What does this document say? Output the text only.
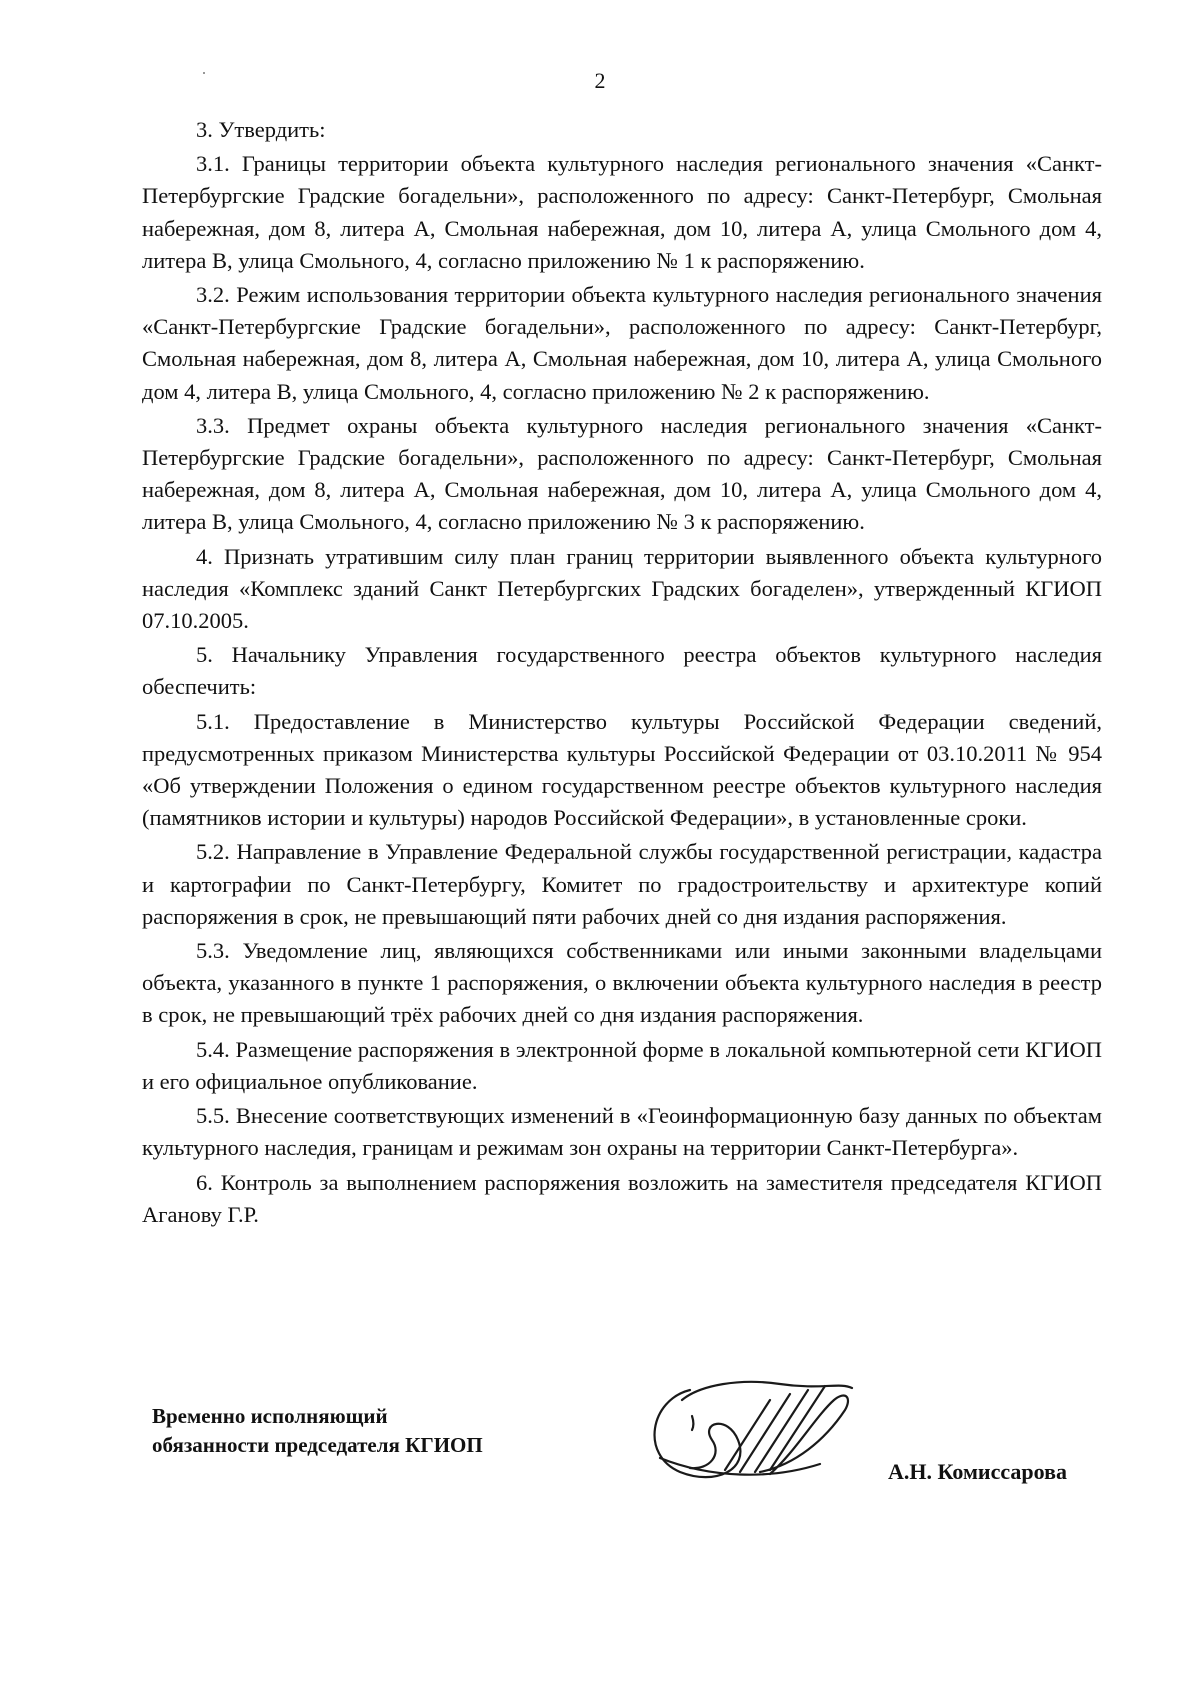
2

3. Утвердить:

3.1. Границы территории объекта культурного наследия регионального значения «Санкт-Петербургские Градские богадельни», расположенного по адресу: Санкт-Петербург, Смольная набережная, дом 8, литера А, Смольная набережная, дом 10, литера А, улица Смольного дом 4, литера В, улица Смольного, 4, согласно приложению № 1 к распоряжению.

3.2. Режим использования территории объекта культурного наследия регионального значения «Санкт-Петербургские Градские богадельни», расположенного по адресу: Санкт-Петербург, Смольная набережная, дом 8, литера А, Смольная набережная, дом 10, литера А, улица Смольного дом 4, литера В, улица Смольного, 4, согласно приложению № 2 к распоряжению.

3.3. Предмет охраны объекта культурного наследия регионального значения «Санкт-Петербургские Градские богадельни», расположенного по адресу: Санкт-Петербург, Смольная набережная, дом 8, литера А, Смольная набережная, дом 10, литера А, улица Смольного дом 4, литера В, улица Смольного, 4, согласно приложению № 3 к распоряжению.

4. Признать утратившим силу план границ территории выявленного объекта культурного наследия «Комплекс зданий Санкт Петербургских Градских богаделен», утвержденный КГИОП 07.10.2005.

5. Начальнику Управления государственного реестра объектов культурного наследия обеспечить:

5.1. Предоставление в Министерство культуры Российской Федерации сведений, предусмотренных приказом Министерства культуры Российской Федерации от 03.10.2011 № 954 «Об утверждении Положения о едином государственном реестре объектов культурного наследия (памятников истории и культуры) народов Российской Федерации», в установленные сроки.

5.2. Направление в Управление Федеральной службы государственной регистрации, кадастра и картографии по Санкт-Петербургу, Комитет по градостроительству и архитектуре копий распоряжения в срок, не превышающий пяти рабочих дней со дня издания распоряжения.

5.3. Уведомление лиц, являющихся собственниками или иными законными владельцами объекта, указанного в пункте 1 распоряжения, о включении объекта культурного наследия в реестр в срок, не превышающий трёх рабочих дней со дня издания распоряжения.

5.4. Размещение распоряжения в электронной форме в локальной компьютерной сети КГИОП и его официальное опубликование.

5.5. Внесение соответствующих изменений в «Геоинформационную базу данных по объектам культурного наследия, границам и режимам зон охраны на территории Санкт-Петербурга».

6. Контроль за выполнением распоряжения возложить на заместителя председателя КГИОП Аганову Г.Р.

Временно исполняющий
обязанности председателя КГИОП
А.Н. Комиссарова
